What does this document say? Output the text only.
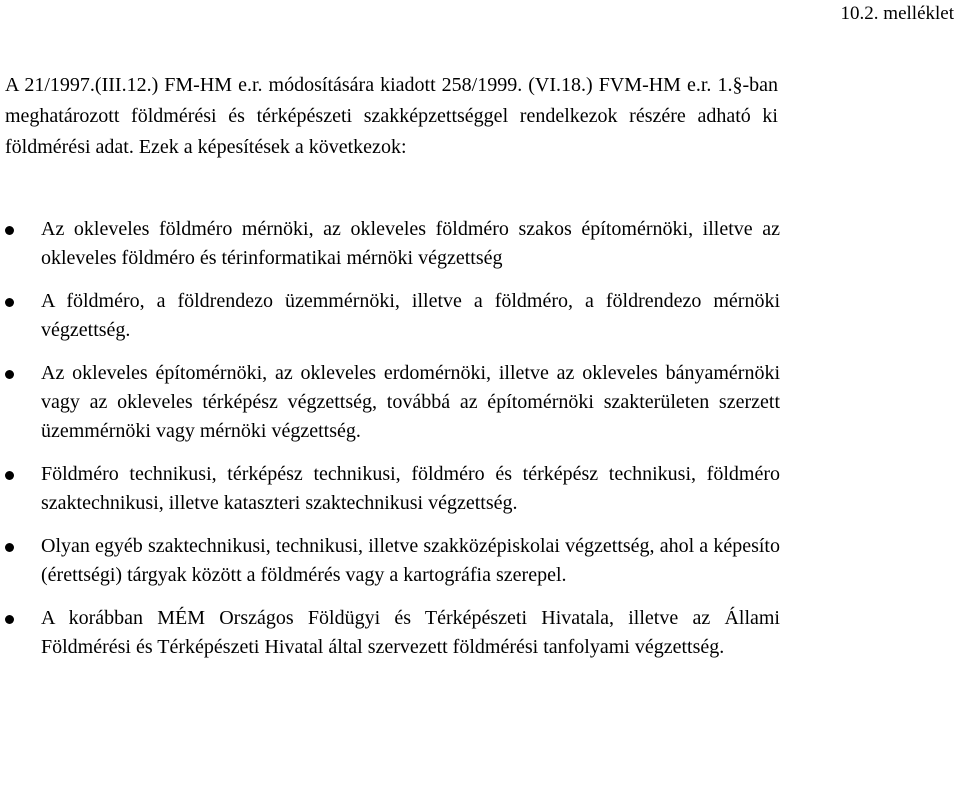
10.2. melléklet

A 21/1997.(III.12.) FM-HM e.r. módosítására kiadott 258/1999. (VI.18.) FVM-HM e.r. 1.§-ban meghatározott földmérési és térképészeti szakképzettséggel rendelkezok részére adható ki földmérési adat. Ezek a képesítések a következok:

Az okleveles földméro mérnöki, az okleveles földméro szakos építomérnöki, illetve az okleveles földméro és térinformatikai mérnöki végzettség
A földméro, a földrendezo üzemmérnöki, illetve a földméro, a földrendezo mérnöki végzettség.
Az okleveles építomérnöki, az okleveles erdomérnöki, illetve az okleveles bányamérnöki vagy az okleveles térképész végzettség, továbbá az építomérnöki szakterületen szerzett üzemmérnöki vagy mérnöki végzettség.
Földméro technikusi, térképész technikusi, földméro és térképész technikusi, földméro szaktechnikusi, illetve kataszteri szaktechnikusi végzettség.
Olyan egyéb szaktechnikusi, technikusi, illetve szakközépiskolai végzettség, ahol a képesíto (érettségi) tárgyak között a földmérés vagy a kartográfia szerepel.
A korábban MÉM Országos Földügyi és Térképészeti Hivatala, illetve az Állami Földmérési és Térképészeti Hivatal által szervezett földmérési tanfolyami végzettség.
